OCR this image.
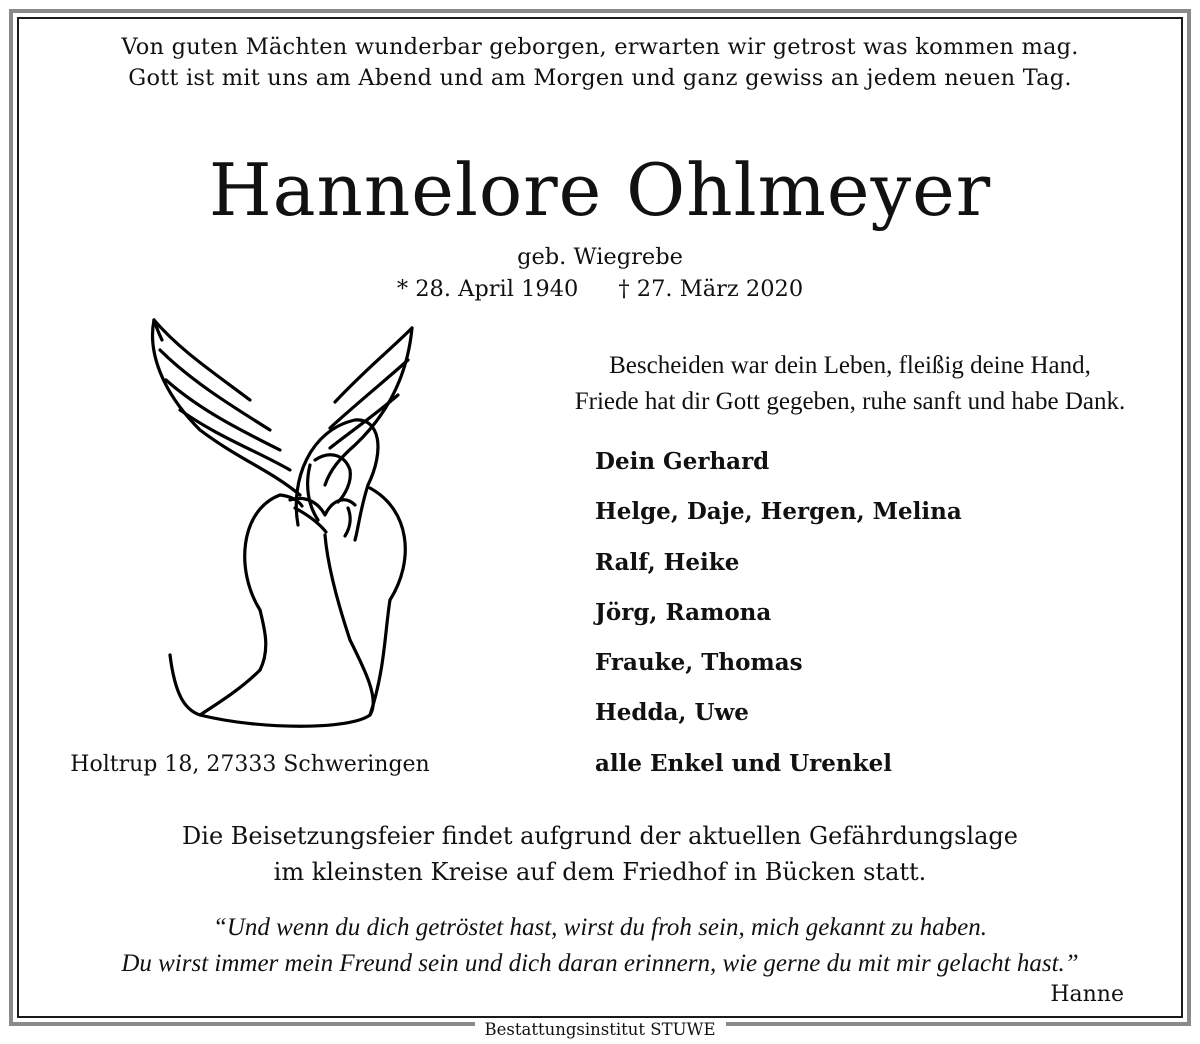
Von guten Mächten wunderbar geborgen, erwarten wir getrost was kommen mag.
Gott ist mit uns am Abend und am Morgen und ganz gewiss an jedem neuen Tag.
Hannelore Ohlmeyer
geb. Wiegrebe
* 28. April 1940 † 27. März 2020
Holtrup 18, 27333 Schweringen
Bescheiden war dein Leben, fleißig deine Hand,
Friede hat dir Gott gegeben, ruhe sanft und habe Dank.
Dein Gerhard
Helge, Daje, Hergen, Melina
Ralf, Heike
Jörg, Ramona
Frauke, Thomas
Hedda, Uwe
alle Enkel und Urenkel
Die Beisetzungsfeier findet aufgrund der aktuellen Gefährdungslage
im kleinsten Kreise auf dem Friedhof in Bücken statt.
“Und wenn du dich getröstet hast, wirst du froh sein, mich gekannt zu haben.
Du wirst immer mein Freund sein und dich daran erinnern, wie gerne du mit mir gelacht hast.”
Hanne
Bestattungsinstitut STUWE
